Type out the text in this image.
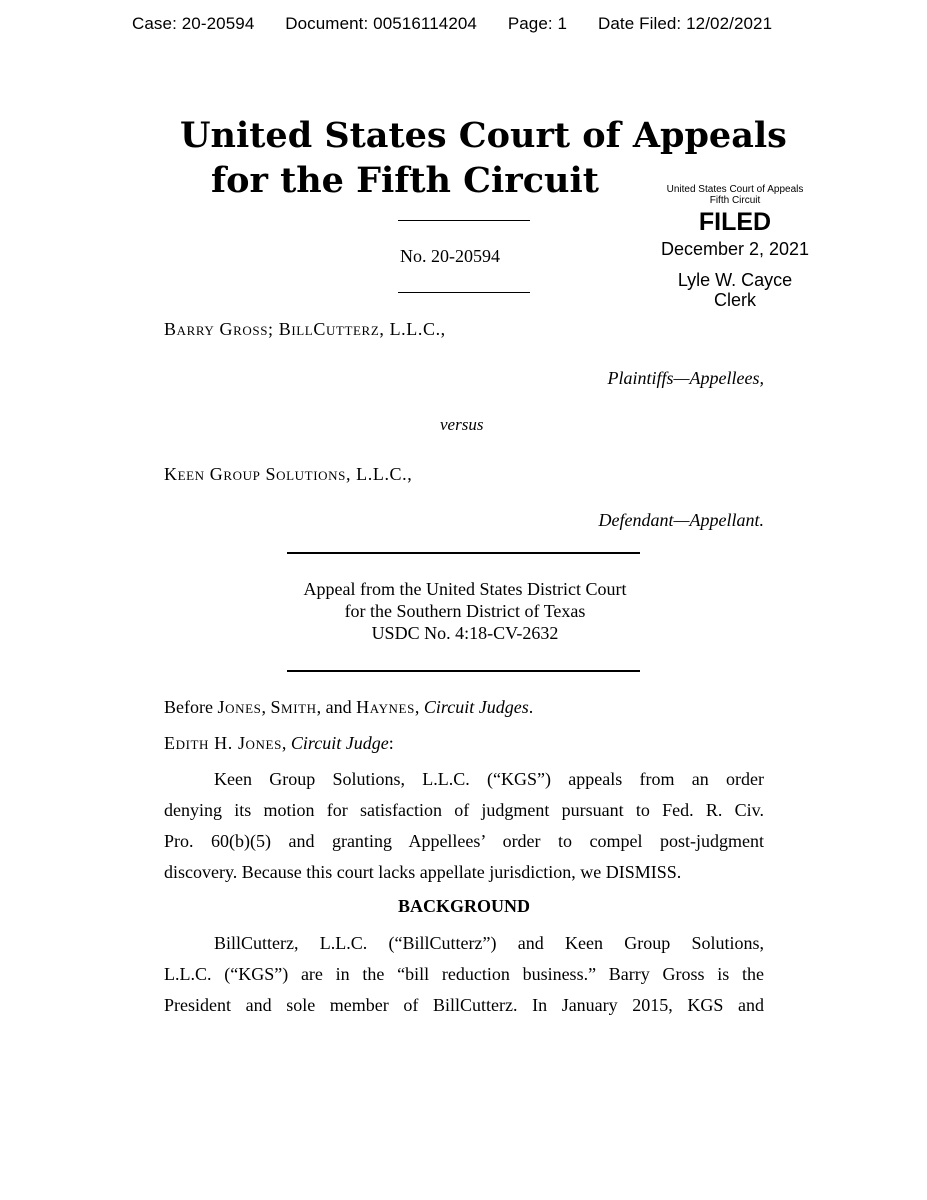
Case: 20-20594 Document: 00516114204 Page: 1 Date Filed: 12/02/2021
United States Court of Appeals
for the Fifth Circuit
No. 20-20594
United States Court of Appeals
Fifth Circuit
FILED
December 2, 2021
Lyle W. Cayce
Clerk
Barry Gross; BillCutterz, L.L.C.,
Plaintiffs—Appellees,
versus
Keen Group Solutions, L.L.C.,
Defendant—Appellant.
Appeal from the United States District Court
for the Southern District of Texas
USDC No. 4:18-CV-2632
Before Jones, Smith, and Haynes, Circuit Judges.
Edith H. Jones, Circuit Judge:
Keen Group Solutions, L.L.C. (“KGS”) appeals from an order
denying its motion for satisfaction of judgment pursuant to Fed. R. Civ.
Pro. 60(b)(5) and granting Appellees’ order to compel post-judgment
discovery. Because this court lacks appellate jurisdiction, we DISMISS.
BACKGROUND
BillCutterz, L.L.C. (“BillCutterz”) and Keen Group Solutions,
L.L.C. (“KGS”) are in the “bill reduction business.” Barry Gross is the
President and sole member of BillCutterz. In January 2015, KGS and
